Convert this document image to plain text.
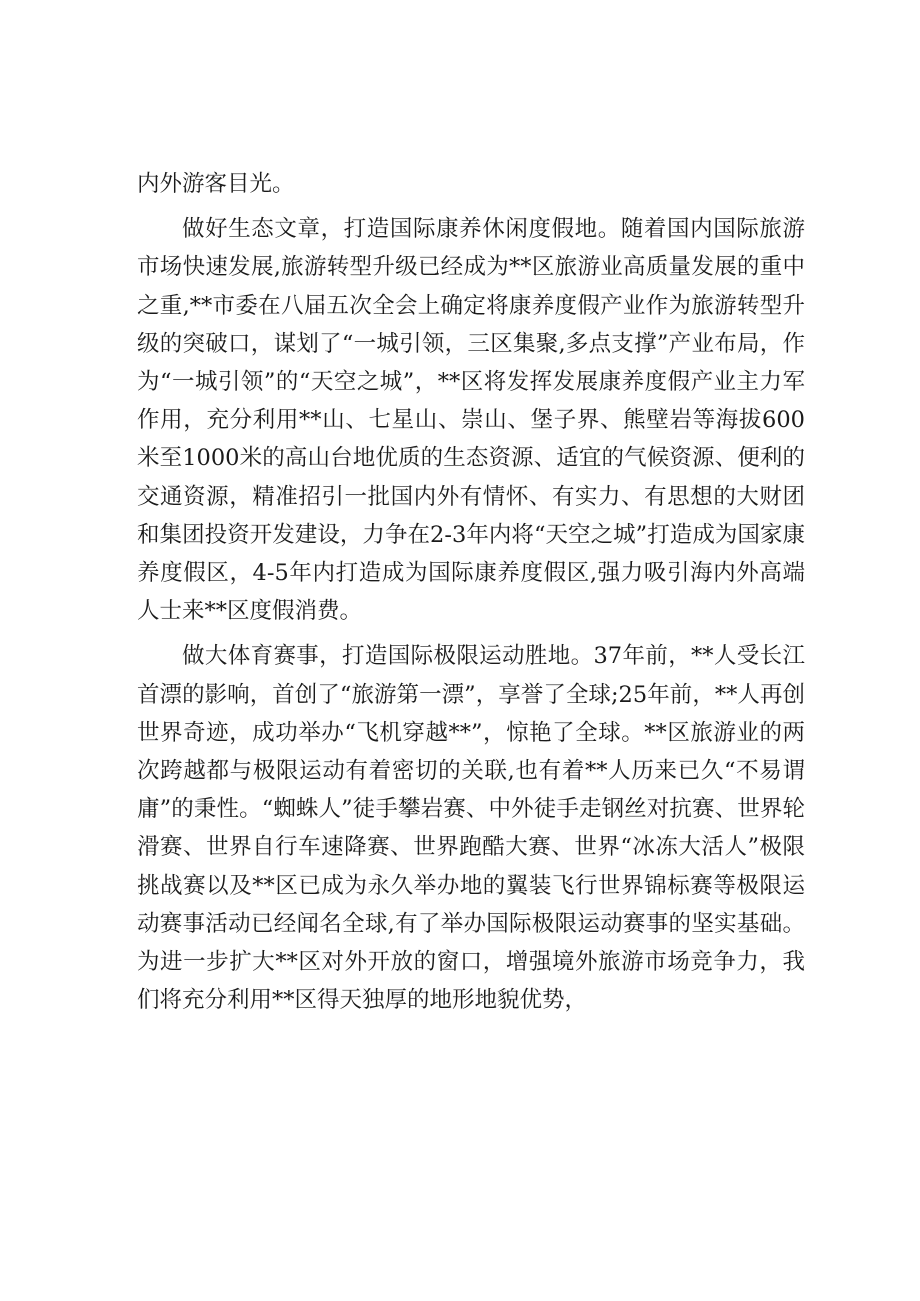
内外游客目光。

做好生态文章，打造国际康养休闲度假地。随着国内国际旅游市场快速发展,旅游转型升级已经成为**区旅游业高质量发展的重中之重,**市委在八届五次全会上确定将康养度假产业作为旅游转型升级的突破口，谋划了“一城引领，三区集聚,多点支撑”产业布局，作为“一城引领”的“天空之城”，**区将发挥发展康养度假产业主力军作用，充分利用**山、七星山、崇山、堡子界、熊壁岩等海拔600米至1000米的高山台地优质的生态资源、适宜的气候资源、便利的交通资源，精准招引一批国内外有情怀、有实力、有思想的大财团和集团投资开发建设，力争在2-3年内将“天空之城”打造成为国家康养度假区，4-5年内打造成为国际康养度假区,强力吸引海内外高端人士来**区度假消费。

做大体育赛事，打造国际极限运动胜地。37年前，**人受长江首漂的影响，首创了“旅游第一漂”，享誉了全球;25年前，**人再创世界奇迹，成功举办“飞机穿越**”，惊艳了全球。**区旅游业的两次跨越都与极限运动有着密切的关联,也有着**人历来已久“不易谓庸”的秉性。“蜘蛛人”徒手攀岩赛、中外徒手走钢丝对抗赛、世界轮滑赛、世界自行车速降赛、世界跑酷大赛、世界“冰冻大活人”极限挑战赛以及**区已成为永久举办地的翼装飞行世界锦标赛等极限运动赛事活动已经闻名全球,有了举办国际极限运动赛事的坚实基础。为进一步扩大**区对外开放的窗口，增强境外旅游市场竞争力，我们将充分利用**区得天独厚的地形地貌优势，
